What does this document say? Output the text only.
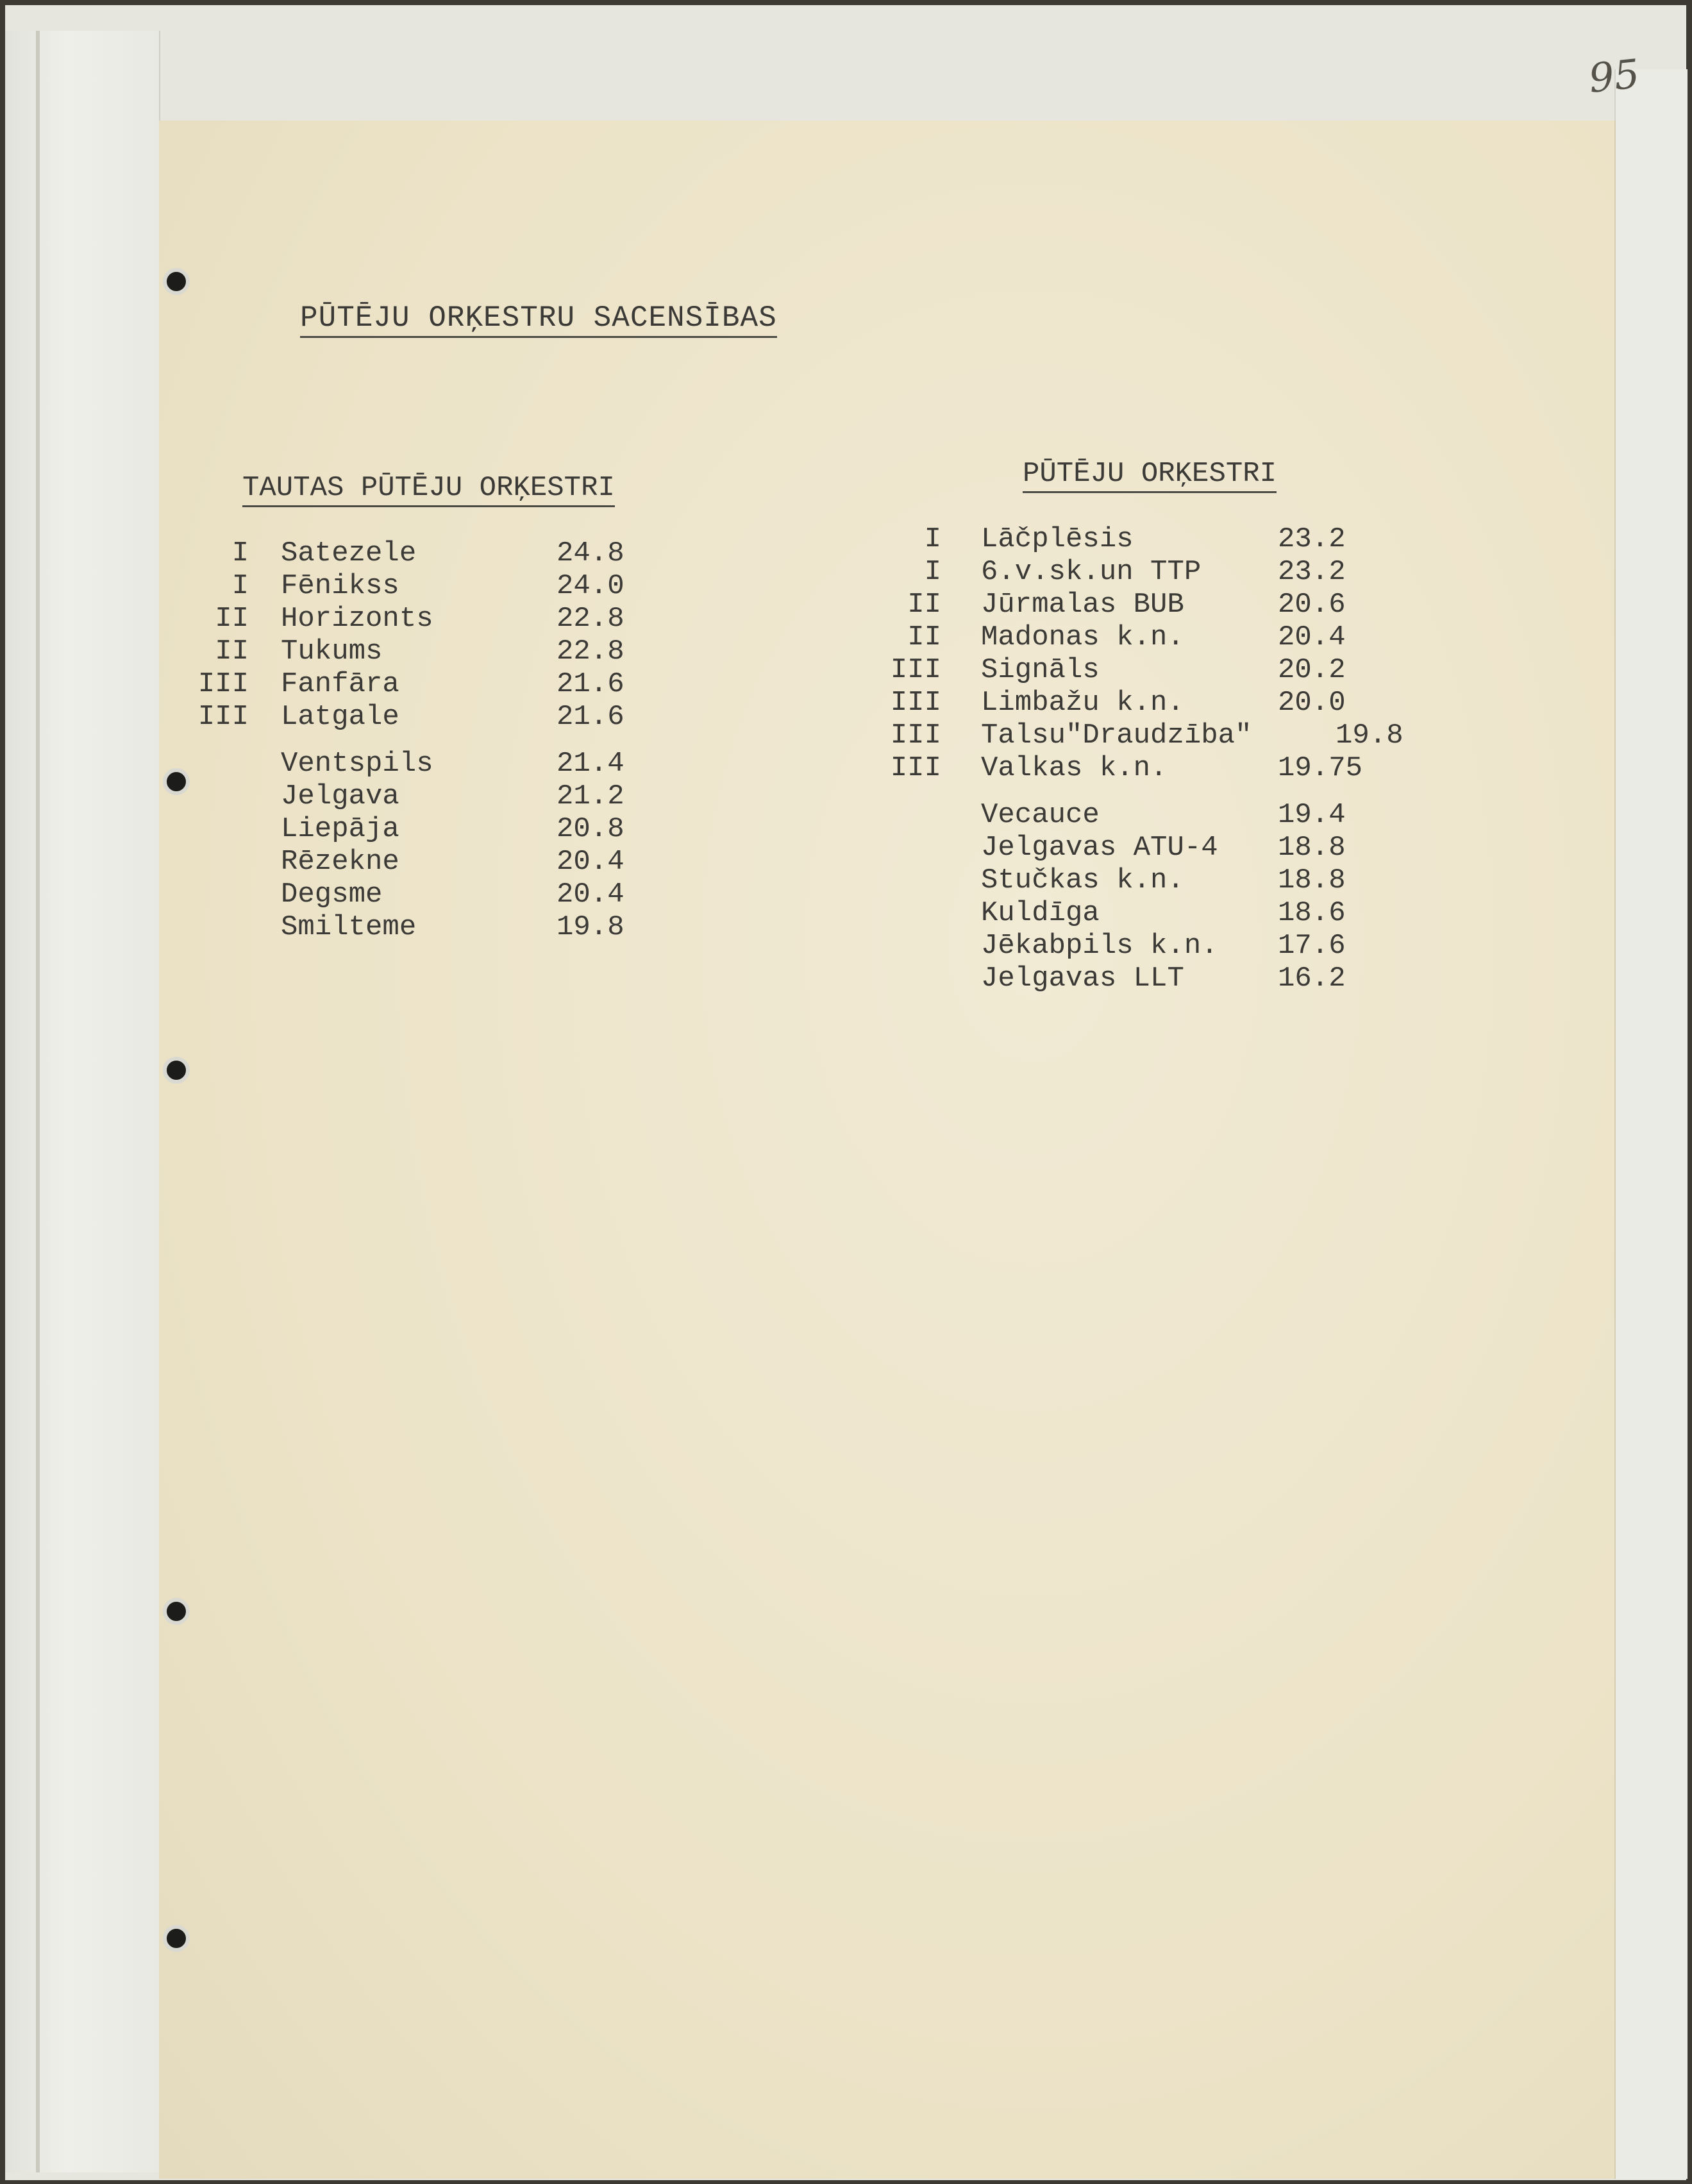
95
PŪTĒJU ORĶESTRU SACENSĪBAS
TAUTAS PŪTĒJU ORĶESTRI	PŪTĒJU ORĶESTRI
I Satezele	24.8
I Fēnikss	24.0
II Horizonts	22.8
II Tukums	22.8
III Fanfāra	21.6
III Latgale	21.6
Ventspils	21.4
Jelgava	21.2
Liepāja	20.8
Rēzekne	20.4
Degsme	20.4
Smilteme	19.8
I Lāčplēsis	23.2
I 6.v.sk.un TTP	23.2
II Jūrmalas BUB	20.6
II Madonas k.n.	20.4
III Signāls	20.2
III Limbažu k.n.	20.0
III Talsu"Draudzība"	19.8
III Valkas k.n.	19.75
Vecauce	19.4
Jelgavas ATU-4 18.8
Stučkas k.n.	18.8
Kuldīga	18.6
Jēkabpils k.n. 17.6
Jelgavas LLT	16.2
